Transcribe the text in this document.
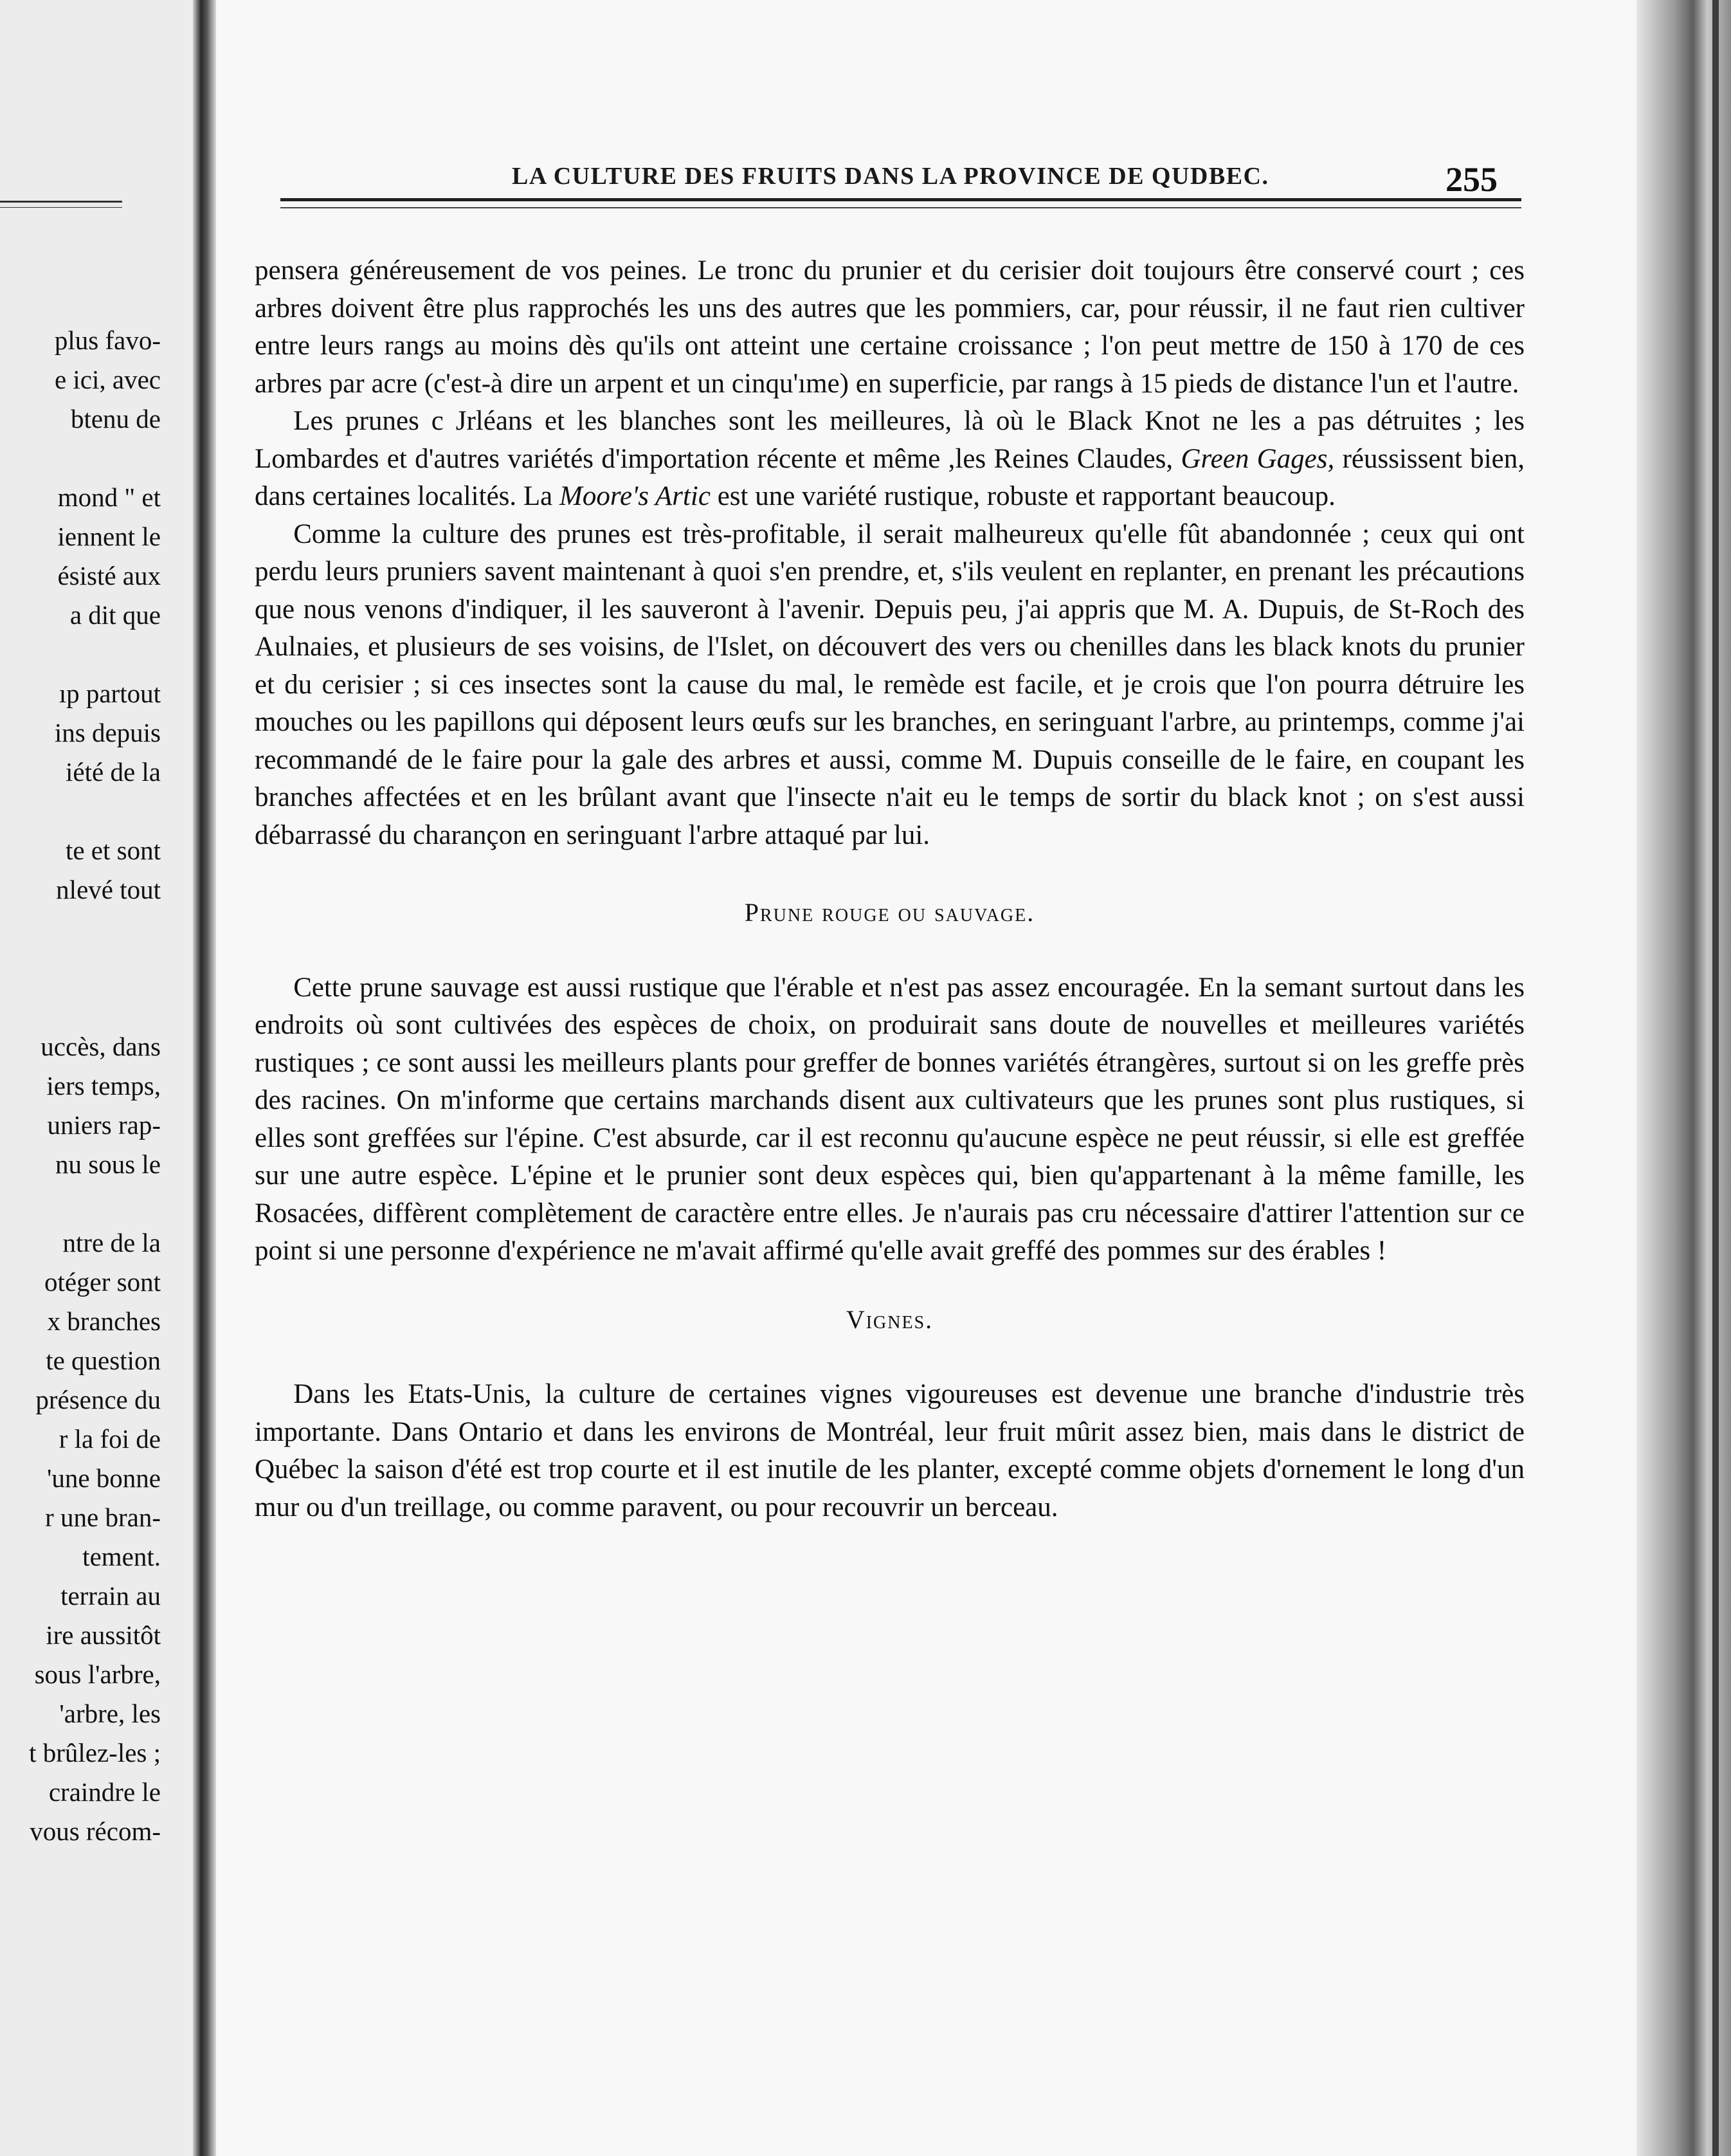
plus favo-
e ici, avec
btenu de
mond " et
iennent le
ésisté aux
a dit que
ıp partout
ins depuis
iété de la
te et sont
nlevé tout
uccès, dans
iers temps,
uniers rap-
nu sous le
ntre de la
otéger sont
x branches
te question
présence du
r la foi de
'une bonne
r une bran-
tement.
terrain au
ire aussitôt
sous l'arbre,
'arbre, les
t brûlez-les ;
craindre le
vous récom-
LA CULTURE DES FRUITS DANS LA PROVINCE DE QUDBEC.	255

pensera généreusement de vos peines. Le tronc du prunier et du cerisier doit toujours être conservé court ; ces arbres doivent être plus rapprochés les uns des autres que les pommiers, car, pour réussir, il ne faut rien cultiver entre leurs rangs au moins dès qu'ils ont atteint une certaine croissance ; l'on peut mettre de 150 à 170 de ces arbres par acre (c'est-à dire un arpent et un cinqu'ıme) en superficie, par rangs à 15 pieds de distance l'un et l'autre.

Les prunes c Jrléans et les blanches sont les meilleures, là où le Black Knot ne les a pas détruites ; les Lombardes et d'autres variétés d'importation récente et même ,les Reines Claudes, Green Gages, réussissent bien, dans certaines localités. La Moore's Artic est une variété rustique, robuste et rapportant beaucoup.

Comme la culture des prunes est très-profitable, il serait malheureux qu'elle fût abandonnée ; ceux qui ont perdu leurs pruniers savent maintenant à quoi s'en prendre, et, s'ils veulent en replanter, en prenant les précautions que nous venons d'indiquer, il les sauveront à l'avenir. Depuis peu, j'ai appris que M. A. Dupuis, de St-Roch des Aulnaies, et plusieurs de ses voisins, de l'Islet, on découvert des vers ou chenilles dans les black knots du prunier et du cerisier ; si ces insectes sont la cause du mal, le remède est facile, et je crois que l'on pourra détruire les mouches ou les papillons qui déposent leurs œufs sur les branches, en seringuant l'arbre, au printemps, comme j'ai recommandé de le faire pour la gale des arbres et aussi, comme M. Dupuis conseille de le faire, en coupant les branches affectées et en les brûlant avant que l'insecte n'ait eu le temps de sortir du black knot ; on s'est aussi débarrassé du charançon en seringuant l'arbre attaqué par lui.

Prune rouge ou sauvage.

Cette prune sauvage est aussi rustique que l'érable et n'est pas assez encouragée. En la semant surtout dans les endroits où sont cultivées des espèces de choix, on produirait sans doute de nouvelles et meilleures variétés rustiques ; ce sont aussi les meilleurs plants pour greffer de bonnes variétés étrangères, surtout si on les greffe près des racines. On m'informe que certains marchands disent aux cultivateurs que les prunes sont plus rustiques, si elles sont greffées sur l'épine. C'est absurde, car il est reconnu qu'aucune espèce ne peut réussir, si elle est greffée sur une autre espèce. L'épine et le prunier sont deux espèces qui, bien qu'appartenant à la même famille, les Rosacées, diffèrent complètement de caractère entre elles. Je n'aurais pas cru nécessaire d'attirer l'attention sur ce point si une personne d'expérience ne m'avait affirmé qu'elle avait greffé des pommes sur des érables !

Vignes.

Dans les Etats-Unis, la culture de certaines vignes vigoureuses est devenue une branche d'industrie très importante. Dans Ontario et dans les environs de Montréal, leur fruit mûrit assez bien, mais dans le district de Québec la saison d'été est trop courte et il est inutile de les planter, excepté comme objets d'ornement le long d'un mur ou d'un treillage, ou comme paravent, ou pour recouvrir un berceau.
